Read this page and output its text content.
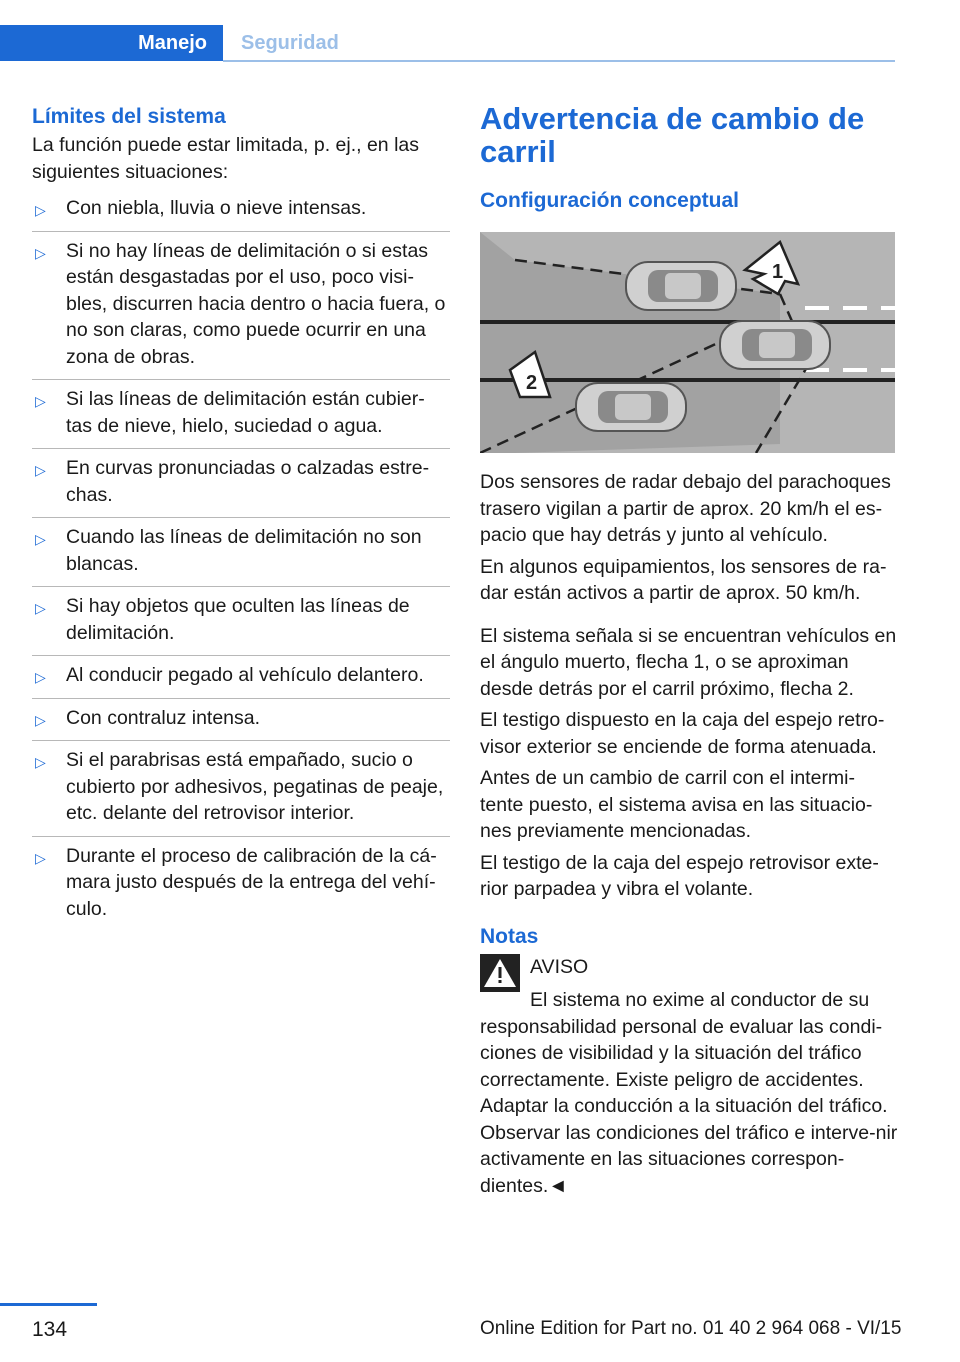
Manejo	Seguridad
Límites del sistema

La función puede estar limitada, p. ej., en las siguientes situaciones:

▷ Con niebla, lluvia o nieve intensas.
▷ Si no hay líneas de delimitación o si estas están desgastadas por el uso, poco visi-bles, discurren hacia dentro o hacia fuera, o no son claras, como puede ocurrir en una zona de obras.
▷ Si las líneas de delimitación están cubier-tas de nieve, hielo, suciedad o agua.
▷ En curvas pronunciadas o calzadas estre-chas.
▷ Cuando las líneas de delimitación no son blancas.
▷ Si hay objetos que oculten las líneas de delimitación.
▷ Al conducir pegado al vehículo delantero.
▷ Con contraluz intensa.
▷ Si el parabrisas está empañado, sucio o cubierto por adhesivos, pegatinas de peaje, etc. delante del retrovisor interior.
▷ Durante el proceso de calibración de la cá-mara justo después de la entrega del vehí-culo.
Advertencia de cambio de carril
Configuración conceptual
1
2

Dos sensores de radar debajo del parachoques trasero vigilan a partir de aprox. 20 km/h el es-pacio que hay detrás y junto al vehículo.

En algunos equipamientos, los sensores de ra-dar están activos a partir de aprox. 50 km/h.

El sistema señala si se encuentran vehículos en el ángulo muerto, flecha 1, o se aproximan desde detrás por el carril próximo, flecha 2.

El testigo dispuesto en la caja del espejo retro-visor exterior se enciende de forma atenuada.

Antes de un cambio de carril con el intermi-tente puesto, el sistema avisa en las situacio-nes previamente mencionadas.

El testigo de la caja del espejo retrovisor exte-rior parpadea y vibra el volante.

Notas

AVISO

El sistema no exime al conductor de su

responsabilidad personal de evaluar las condi-ciones de visibilidad y la situación del tráfico correctamente. Existe peligro de accidentes. Adaptar la conducción a la situación del tráfico. Observar las condiciones del tráfico e interve-nir activamente en las situaciones correspon-dientes.◄

134	Online Edition for Part no. 01 40 2 964 068 - VI/15
